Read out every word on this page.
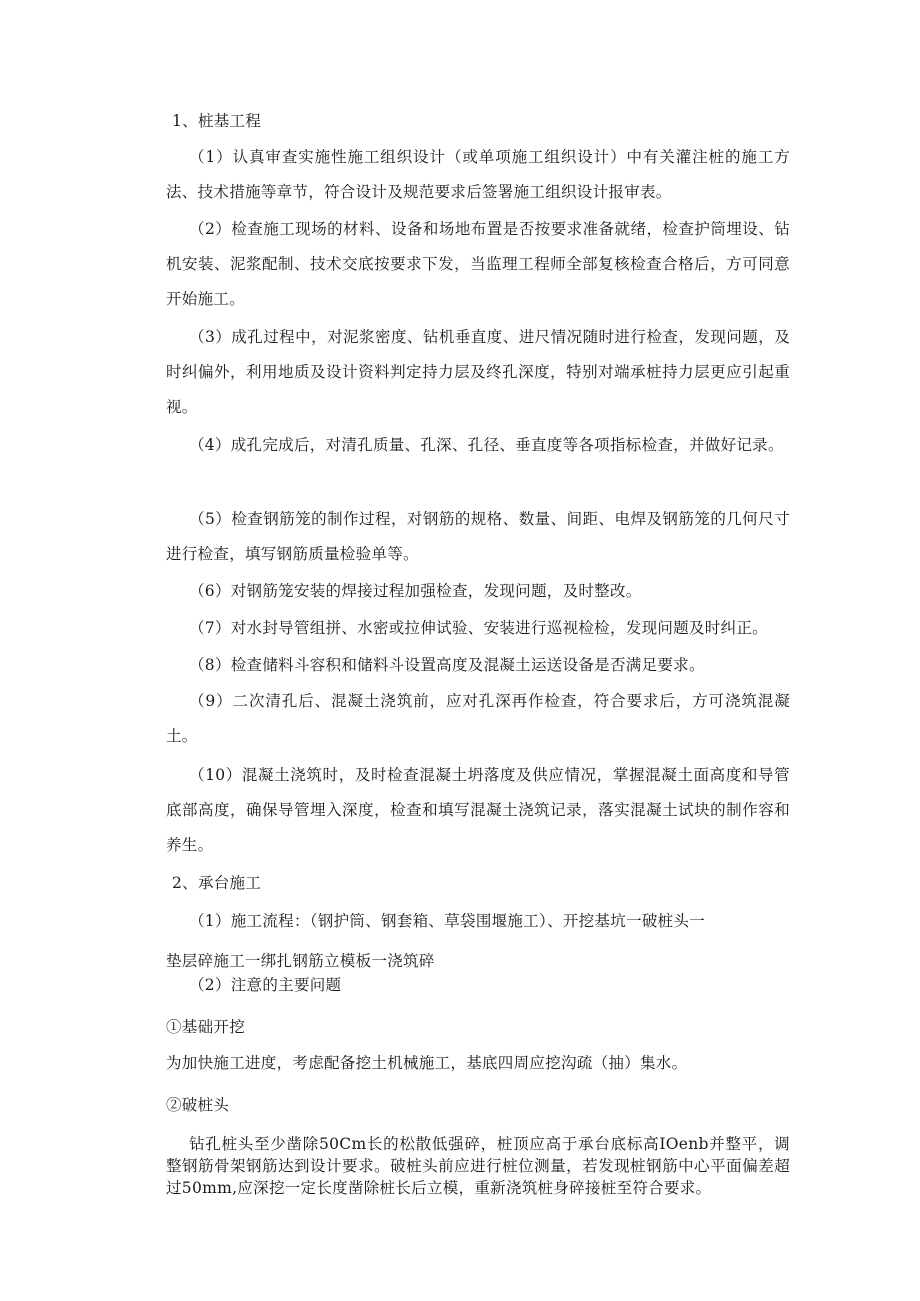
1、桩基工程

（1）认真审查实施性施工组织设计（或单项施工组织设计）中有关灌注桩的施工方法、技术措施等章节，符合设计及规范要求后签署施工组织设计报审表。

（2）检查施工现场的材料、设备和场地布置是否按要求准备就绪，检查护筒埋设、钻机安装、泥浆配制、技术交底按要求下发，当监理工程师全部复核检查合格后，方可同意开始施工。

（3）成孔过程中，对泥浆密度、钻机垂直度、进尺情况随时进行检查，发现问题，及时纠偏外，利用地质及设计资料判定持力层及终孔深度，特别对端承桩持力层更应引起重视。

（4）成孔完成后，对清孔质量、孔深、孔径、垂直度等各项指标检查，并做好记录。

（5）检查钢筋笼的制作过程，对钢筋的规格、数量、间距、电焊及钢筋笼的几何尺寸进行检查，填写钢筋质量检验单等。

（6）对钢筋笼安装的焊接过程加强检查，发现问题，及时整改。

（7）对水封导管组拼、水密或拉伸试验、安装进行巡视检检，发现问题及时纠正。

（8）检查储料斗容积和储料斗设置高度及混凝土运送设备是否满足要求。

（9）二次清孔后、混凝土浇筑前，应对孔深再作检查，符合要求后，方可浇筑混凝土。

（10）混凝土浇筑时，及时检查混凝土坍落度及供应情况，掌握混凝土面高度和导管底部高度，确保导管埋入深度，检查和填写混凝土浇筑记录，落实混凝土试块的制作容和养生。

2、承台施工

（1）施工流程：（钢护筒、钢套箱、草袋围堰施工）、开挖基坑一破桩头一

垫层碎施工一绑扎钢筋立模板一浇筑碎

（2）注意的主要问题

①基础开挖

为加快施工进度，考虑配备挖土机械施工，基底四周应挖沟疏（抽）集水。

②破桩头

钻孔桩头至少凿除50Cm长的松散低强碎，桩顶应高于承台底标高IOenb并整平，调整钢筋骨架钢筋达到设计要求。破桩头前应进行桩位测量，若发现桩钢筋中心平面偏差超过50mm,应深挖一定长度凿除桩长后立模，重新浇筑桩身碎接桩至符合要求。
